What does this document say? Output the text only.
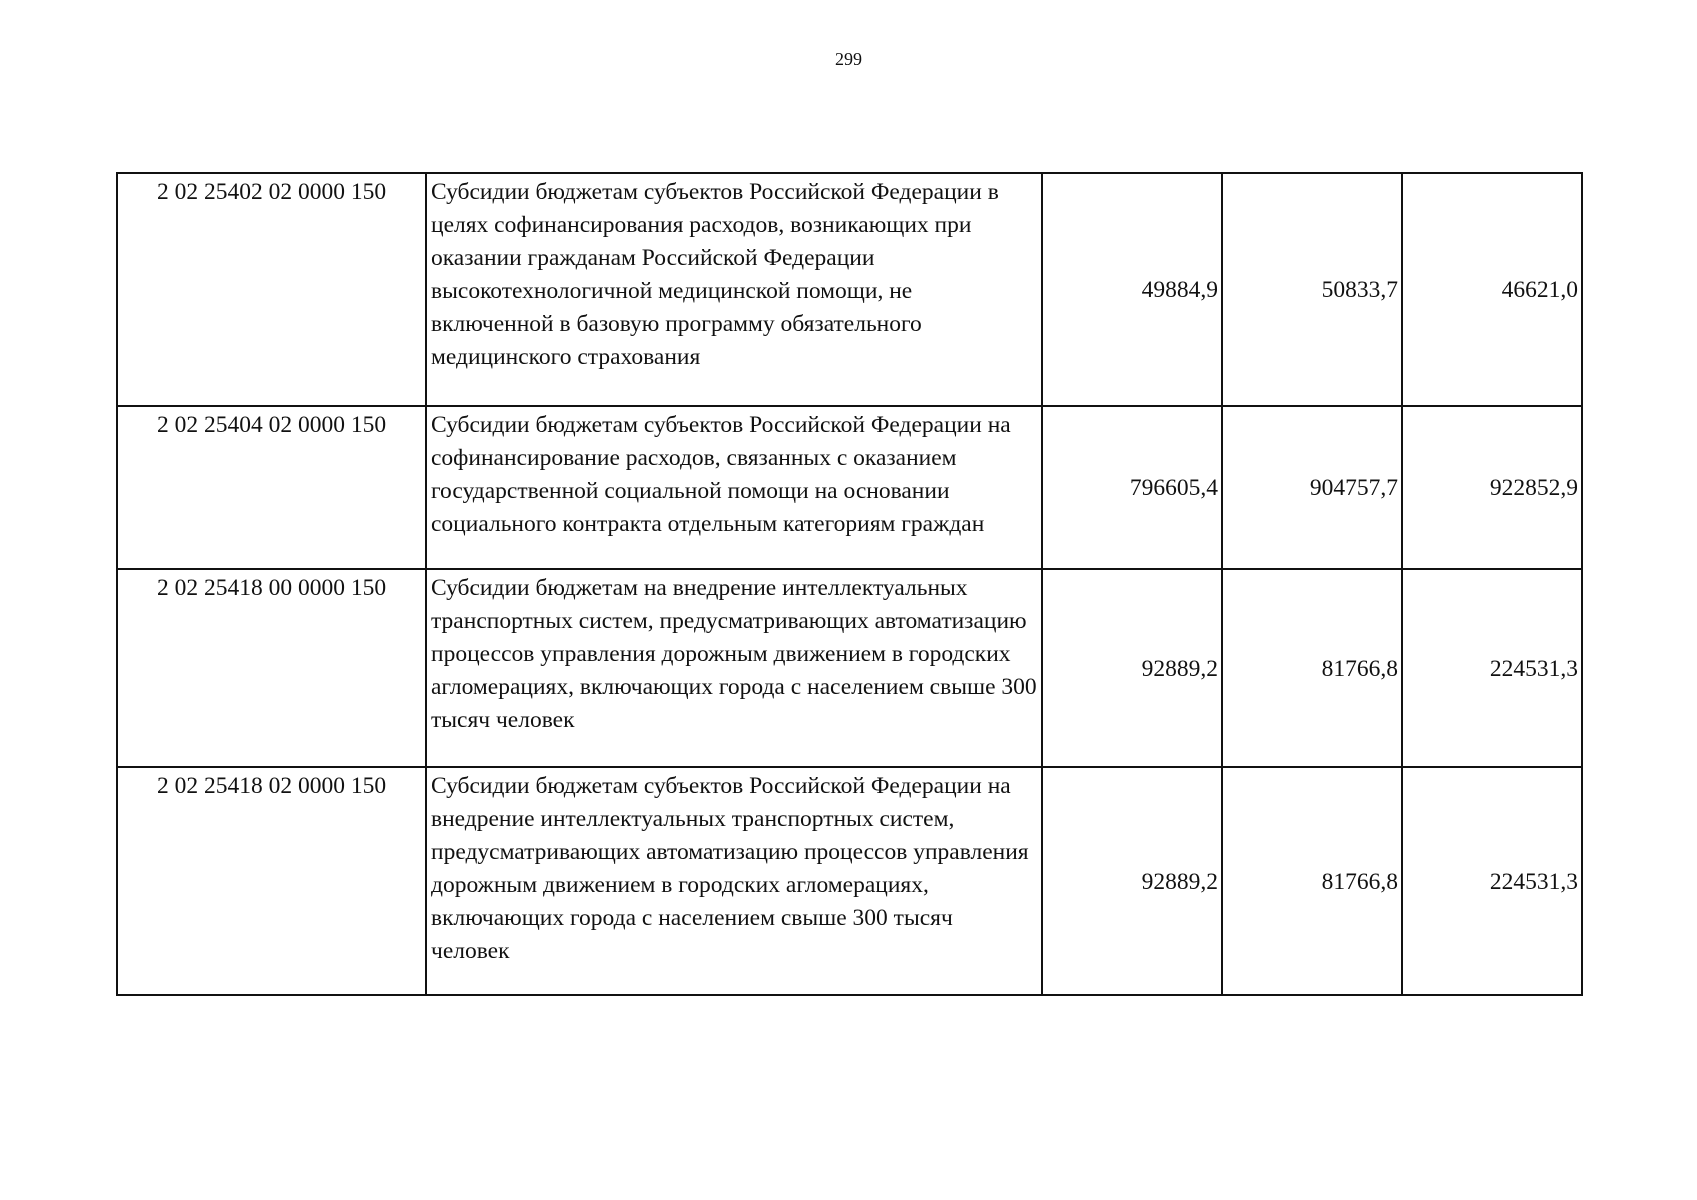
299
2 02 25402 02 0000 150	Субсидии бюджетам субъектов Российской Федерации в целях софинансирования расходов, возникающих при оказании гражданам Российской Федерации высокотехнологичной медицинской помощи, не включенной в базовую программу обязательного медицинского страхования	49884,9	50833,7	46621,0
2 02 25404 02 0000 150	Субсидии бюджетам субъектов Российской Федерации на софинансирование расходов, связанных с оказанием государственной социальной помощи на основании социального контракта отдельным категориям граждан	796605,4	904757,7	922852,9
2 02 25418 00 0000 150	Субсидии бюджетам на внедрение интеллектуальных транспортных систем, предусматривающих автоматизацию процессов управления дорожным движением в городских агломерациях, включающих города с населением свыше 300 тысяч человек	92889,2	81766,8	224531,3
2 02 25418 02 0000 150	Субсидии бюджетам субъектов Российской Федерации на внедрение интеллектуальных транспортных систем, предусматривающих автоматизацию процессов управления дорожным движением в городских агломерациях, включающих города с населением свыше 300 тысяч человек	92889,2	81766,8	224531,3
